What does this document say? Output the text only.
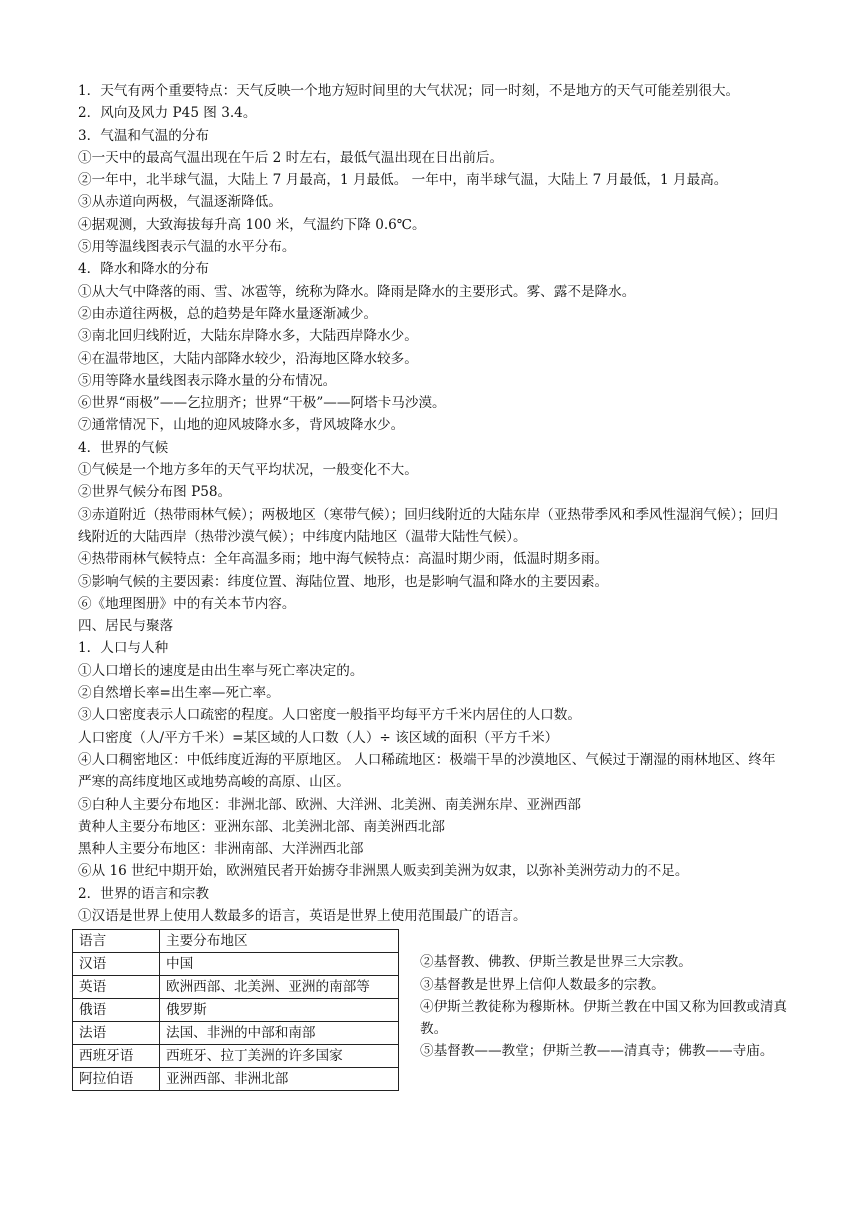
1．天气有两个重要特点：天气反映一个地方短时间里的大气状况；同一时刻，不是地方的天气可能差别很大。

2．风向及风力 P45 图 3.4。

3．气温和气温的分布

①一天中的最高气温出现在午后 2 时左右，最低气温出现在日出前后。

②一年中，北半球气温，大陆上 7 月最高，1 月最低。 一年中，南半球气温，大陆上 7 月最低，1 月最高。

③从赤道向两极，气温逐渐降低。

④据观测，大致海拔每升高 100 米，气温约下降 0.6℃。

⑤用等温线图表示气温的水平分布。

4．降水和降水的分布

①从大气中降落的雨、雪、冰雹等，统称为降水。降雨是降水的主要形式。雾、露不是降水。

②由赤道往两极，总的趋势是年降水量逐渐减少。

③南北回归线附近，大陆东岸降水多，大陆西岸降水少。

④在温带地区，大陆内部降水较少，沿海地区降水较多。

⑤用等降水量线图表示降水量的分布情况。

⑥世界“雨极”——乞拉朋齐；世界“干极”——阿塔卡马沙漠。

⑦通常情况下，山地的迎风坡降水多，背风坡降水少。

4．世界的气候

①气候是一个地方多年的天气平均状况，一般变化不大。

②世界气候分布图 P58。

③赤道附近（热带雨林气候）；两极地区（寒带气候）；回归线附近的大陆东岸（亚热带季风和季风性湿润气候）；回归线附近的大陆西岸（热带沙漠气候）；中纬度内陆地区（温带大陆性气候）。

④热带雨林气候特点：全年高温多雨；地中海气候特点：高温时期少雨，低温时期多雨。

⑤影响气候的主要因素：纬度位置、海陆位置、地形，也是影响气温和降水的主要因素。

⑥《地理图册》中的有关本节内容。

四、居民与聚落

1．人口与人种

①人口增长的速度是由出生率与死亡率决定的。

②自然增长率=出生率—死亡率。

③人口密度表示人口疏密的程度。人口密度一般指平均每平方千米内居住的人口数。

人口密度（人/平方千米）=某区域的人口数（人）÷ 该区域的面积（平方千米）

④人口稠密地区：中低纬度近海的平原地区。 人口稀疏地区：极端干旱的沙漠地区、气候过于潮湿的雨林地区、终年严寒的高纬度地区或地势高峻的高原、山区。

⑤白种人主要分布地区：非洲北部、欧洲、大洋洲、北美洲、南美洲东岸、亚洲西部

黄种人主要分布地区：亚洲东部、北美洲北部、南美洲西北部

黑种人主要分布地区：非洲南部、大洋洲西北部

⑥从 16 世纪中期开始，欧洲殖民者开始掳夺非洲黑人贩卖到美洲为奴隶，以弥补美洲劳动力的不足。

2．世界的语言和宗教

①汉语是世界上使用人数最多的语言，英语是世界上使用范围最广的语言。

语言	主要分布地区
汉语	中国
英语	欧洲西部、北美洲、亚洲的南部等
俄语	俄罗斯
法语	法国、非洲的中部和南部
西班牙语	西班牙、拉丁美洲的许多国家
阿拉伯语	亚洲西部、非洲北部

②基督教、佛教、伊斯兰教是世界三大宗教。

③基督教是世界上信仰人数最多的宗教。

④伊斯兰教徒称为穆斯林。伊斯兰教在中国又称为回教或清真教。

⑤基督教——教堂；伊斯兰教——清真寺；佛教——寺庙。
